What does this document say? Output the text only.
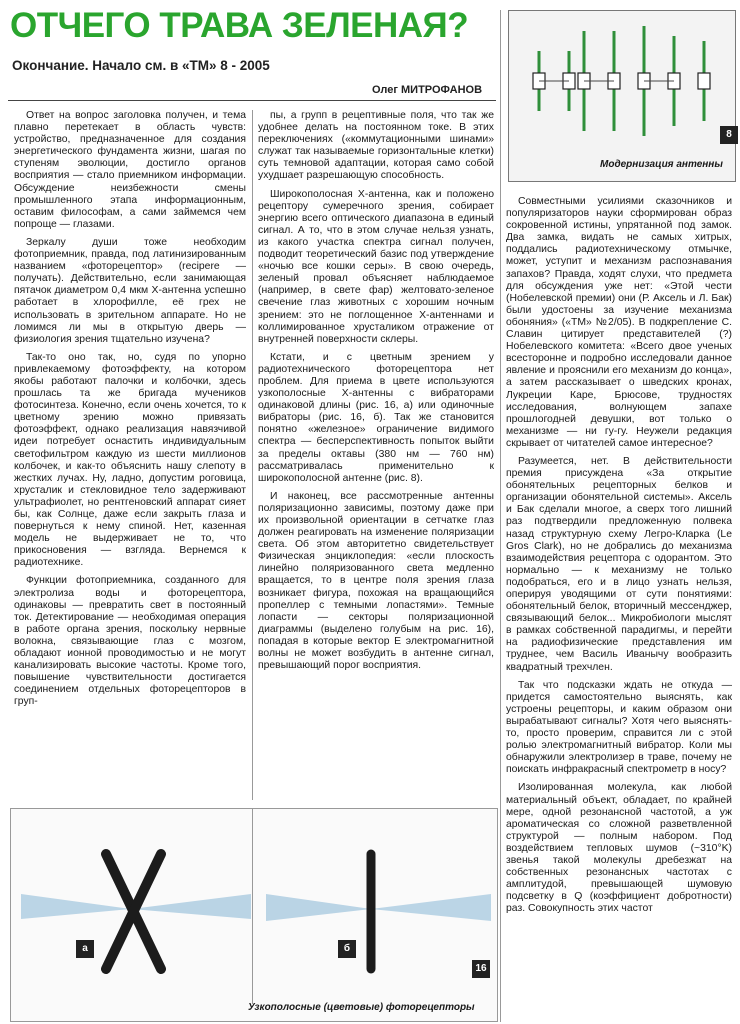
ОТЧЕГО ТРАВА ЗЕЛЕНАЯ?
Окончание. Начало см. в «ТМ» 8 - 2005
Олег МИТРОФАНОВ

Ответ на вопрос заголовка получен, и тема плавно перетекает в область чувств: устройство, предназначенное для создания энергетического фундамента жизни, шагая по ступеням эволюции, достигло органов восприятия — стало приемником информации. Обсуждение неизбежности смены промышленного этапа информационным, оставим философам, а сами займемся чем попроще — глазами.

Зеркалу души тоже необходим фотоприемник, правда, под латинизированным названием «фоторецептор» (recipere — получать). Действительно, если занимающая пятачок диаметром 0,4 мкм Х-антенна успешно работает в хлорофилле, её грех не использовать в зрительном аппарате. Но не ломимся ли мы в открытую дверь — физиология зрения тщательно изучена?

Так-то оно так, но, судя по упорно привлекаемому фотоэффекту, на котором якобы работают палочки и колбочки, здесь прошлась та же бригада мучеников фотосинтеза. Конечно, если очень хочется, то к цветному зрению можно привязать фотоэффект, однако реализация навязчивой идеи потребует оснастить индивидуальным светофильтром каждую из шести миллионов колбочек, и как-то объяснить нашу слепоту в жестких лучах. Ну, ладно, допустим роговица, хрусталик и стекловидное тело задерживают ультрафиолет, но рентгеновский аппарат сияет бы, как Солнце, даже если закрыть глаза и повернуться к нему спиной. Нет, казенная модель не выдерживает не то, что прикосновения — взгляда. Вернемся к радиотехнике.

Функции фотоприемника, созданного для электролиза воды и фоторецептора, одинаковы — превратить свет в постоянный ток. Детектирование — необходимая операция в работе органа зрения, поскольку нервные волокна, связывающие глаз с мозгом, обладают ионной проводимостью и не могут канализировать высокие частоты. Кроме того, повышение чувствительности достигается соединением отдельных фоторецепторов в груп-

пы, а групп в рецептивные поля, что так же удобнее делать на постоянном токе. В этих переключениях («коммутационными шинами» служат так называемые горизонтальные клетки) суть темновой адаптации, которая само собой ухудшает разрешающую способность.

Широкополосная Х-антенна, как и положено рецептору сумеречного зрения, собирает энергию всего оптического диапазона в единый сигнал. А то, что в этом случае нельзя узнать, из какого участка спектра сигнал получен, подводит теоретический базис под утверждение «ночью все кошки серы». В свою очередь, зеленый провал объясняет наблюдаемое (например, в свете фар) желтовато-зеленое свечение глаз животных с хорошим ночным зрением: это не поглощенное Х-антеннами и коллимированное хрусталиком отражение от внутренней поверхности склеры.

Кстати, и с цветным зрением у радиотехнического фоторецептора нет проблем. Для приема в цвете используются узкополосные Х-антенны с вибраторами одинаковой длины (рис. 16, а) или одиночные вибраторы (рис. 16, б). Так же становится понятно «железное» ограничение видимого спектра — бесперспективность попыток выйти за пределы октавы (380 нм — 760 нм) рассматривалась применительно к широкополосной антенне (рис. 8).

И наконец, все рассмотренные антенны поляризационно зависимы, поэтому даже при их произвольной ориентации в сетчатке глаз должен реагировать на изменение поляризации света. Об этом авторитетно свидетельствует Физическая энциклопедия: «если плоскость линейно поляризованного света медленно вращается, то в центре поля зрения глаза возникает фигура, похожая на вращающийся пропеллер с темными лопастями». Темные лопасти — секторы поляризационной диаграммы (выделено голубым на рис. 16), попадая в которые вектор E электромагнитной волны не может возбудить в антенне сигнал, превышающий порог восприятия.

Совместными усилиями сказочников и популяризаторов науки сформирован образ сокровенной истины, упрятанной под замок. Два замка, видать не самых хитрых, поддались радиотехническому отмычке, может, уступит и механизм распознавания запахов? Правда, ходят слухи, что предмета для обсуждения уже нет: «Этой чести (Нобелевской премии) они (Р. Аксель и Л. Бак) были удостоены за изучение механизма обоняния» («ТМ» №2/05). В подкрепление С. Славин цитирует представителей (?) Нобелевского комитета: «Всего двое ученых всесторонне и подробно исследовали данное явление и прояснили его механизм до конца», а затем рассказывает о шведских кронах, Лукреции Каре, Брюсове, трудностях исследования, волнующем запахе прошлогодней девушки, вот только о механизме — ни гу-гу. Неужели редакция скрывает от читателей самое интересное?

Разумеется, нет. В действительности премия присуждена «За открытие обонятельных рецепторных белков и организации обонятельной системы». Аксель и Бак сделали многое, а сверх того лишний раз подтвердили предложенную полвека назад структурную схему Легро-Кларка (Le Gros Clark), но не добрались до механизма взаимодействия рецептора с одорантом. Это нормально — к механизму не только подобраться, его и в лицо узнать нельзя, оперируя уводящими от сути понятиями: обонятельный белок, вторичный мессенджер, связывающий белок... Микробиологи мыслят в рамках собственной парадигмы, и перейти на радиофизические представления им труднее, чем Василь Иванычу вообразить квадратный трехчлен.

Так что подсказки ждать не откуда — придется самостоятельно выяснять, как устроены рецепторы, и каким образом они вырабатывают сигналы? Хотя чего выяснять-то, просто проверим, справится ли с этой ролью электромагнитный вибратор. Коли мы обнаружили электролизер в траве, почему не поискать инфракрасный спектрометр в носу?

Изолированная молекула, как любой материальный объект, обладает, по крайней мере, одной резонансной частотой, а уж ароматическая со сложной разветвленной структурой — полным набором. Под воздействием тепловых шумов (~310°K) звенья такой молекулы дребезжат на собственных резонансных частотах с амплитудой, превышающей шумовую подсветку в Q (коэффициент добротности) раз. Совокупность этих частот

8
Модернизация антенны
а	б
16
Узкополосные (цветовые) фоторецепторы
